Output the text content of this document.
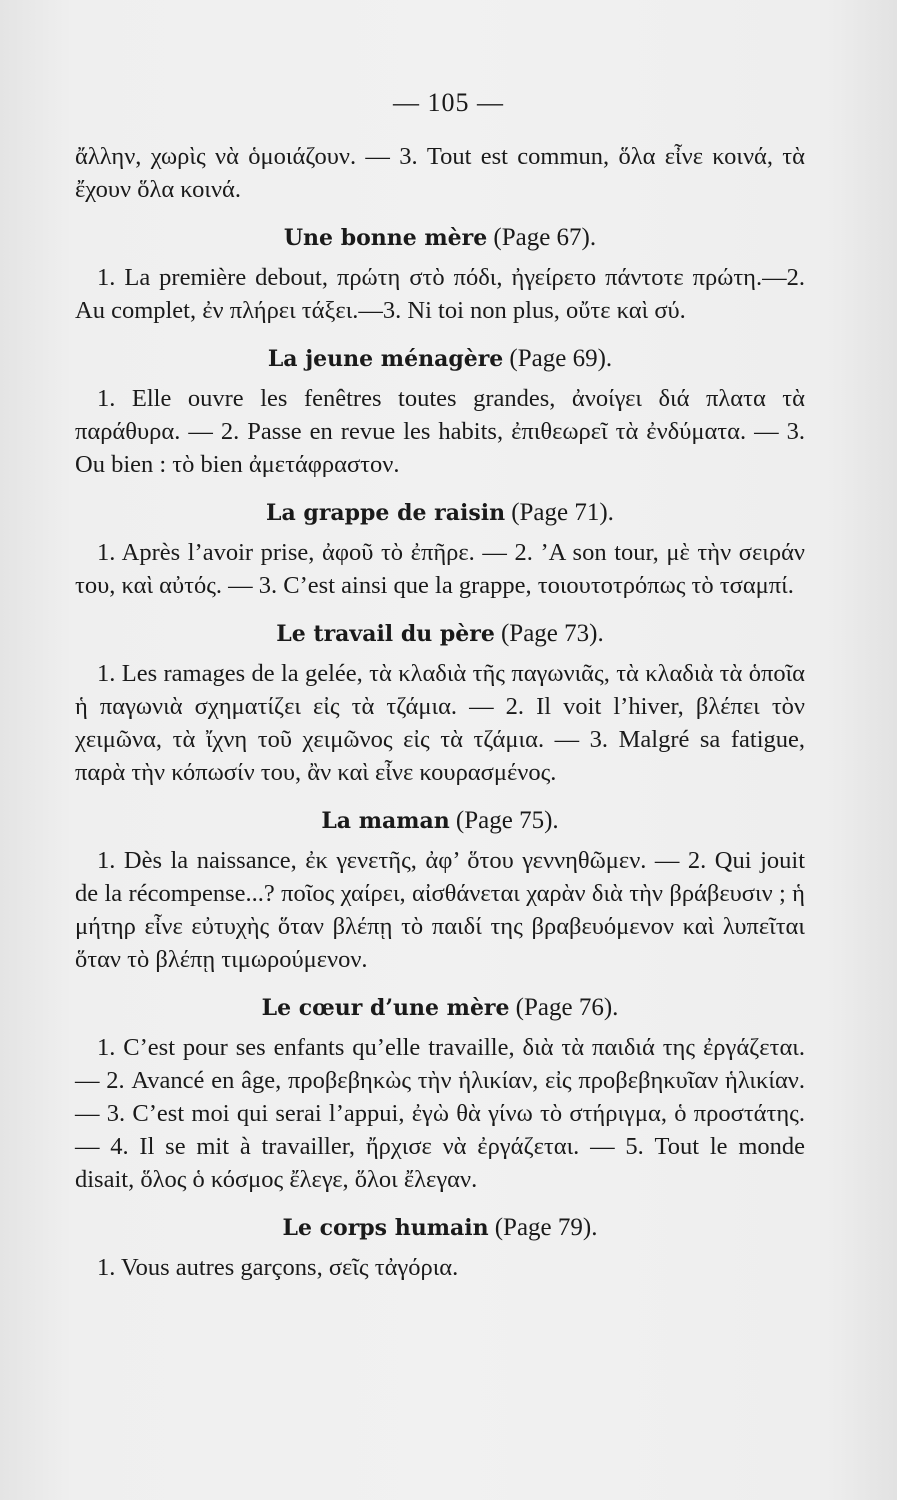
— 105 —

ἄλλην, χωρὶς νὰ ὁμοιάζουν. — 3. Tout est commun, ὅλα εἶνε κοινά, τὰ ἔχουν ὅλα κοινά.

Une bonne mère (Page 67).

1. La première debout, πρώτη στὸ πόδι, ἠγείρετο πάντοτε πρώτη.—2. Au complet, ἐν πλήρει τάξει.—3. Ni toi non plus, οὔτε καὶ σύ.

La jeune ménagère (Page 69).

1. Elle ouvre les fenêtres toutes grandes, ἀνοίγει διά πλατα τὰ παράθυρα. — 2. Passe en revue les habits, ἐπιθεωρεῖ τὰ ἐνδύματα. — 3. Ou bien : τὸ bien ἀμετάφραστον.

La grappe de raisin (Page 71).

1. Après l’avoir prise, ἀφοῦ τὸ ἐπῆρε. — 2. ’A son tour, μὲ τὴν σειράν του, καὶ αὐτός. — 3. C’est ainsi que la grappe, τοιουτοτρόπως τὸ τσαμπί.

Le travail du père (Page 73).

1. Les ramages de la gelée, τὰ κλαδιὰ τῆς παγωνιᾶς, τὰ κλαδιὰ τὰ ὁποῖα ἡ παγωνιὰ σχηματίζει εἰς τὰ τζάμια. — 2. Il voit l’hiver, βλέπει τὸν χειμῶνα, τὰ ἴχνη τοῦ χειμῶνος εἰς τὰ τζάμια. — 3. Malgré sa fatigue, παρὰ τὴν κόπωσίν του, ἂν καὶ εἶνε κουρασμένος.

La maman (Page 75).

1. Dès la naissance, ἐκ γενετῆς, ἀφ’ ὅτου γεννηθῶμεν. — 2. Qui jouit de la récompense...? ποῖος χαίρει, αἰσθάνεται χαρὰν διὰ τὴν βράβευσιν ; ἡ μήτηρ εἶνε εὐτυχὴς ὅταν βλέπῃ τὸ παιδί της βραβευόμενον καὶ λυπεῖται ὅταν τὸ βλέπῃ τιμωρούμενον.

Le cœur d’une mère (Page 76).

1. C’est pour ses enfants qu’elle travaille, διὰ τὰ παιδιά της ἐργάζεται. — 2. Avancé en âge, προβεβηκὼς τὴν ἡλικίαν, εἰς προβεβηκυῖαν ἡλικίαν. — 3. C’est moi qui serai l’appui, ἐγὼ θὰ γίνω τὸ στήριγμα, ὁ προστάτης. — 4. Il se mit à travailler, ἤρχισε νὰ ἐργάζεται. — 5. Tout le monde disait, ὅλος ὁ κόσμος ἔλεγε, ὅλοι ἔλεγαν.

Le corps humain (Page 79).

1. Vous autres garçons, σεῖς τἀγόρια.
